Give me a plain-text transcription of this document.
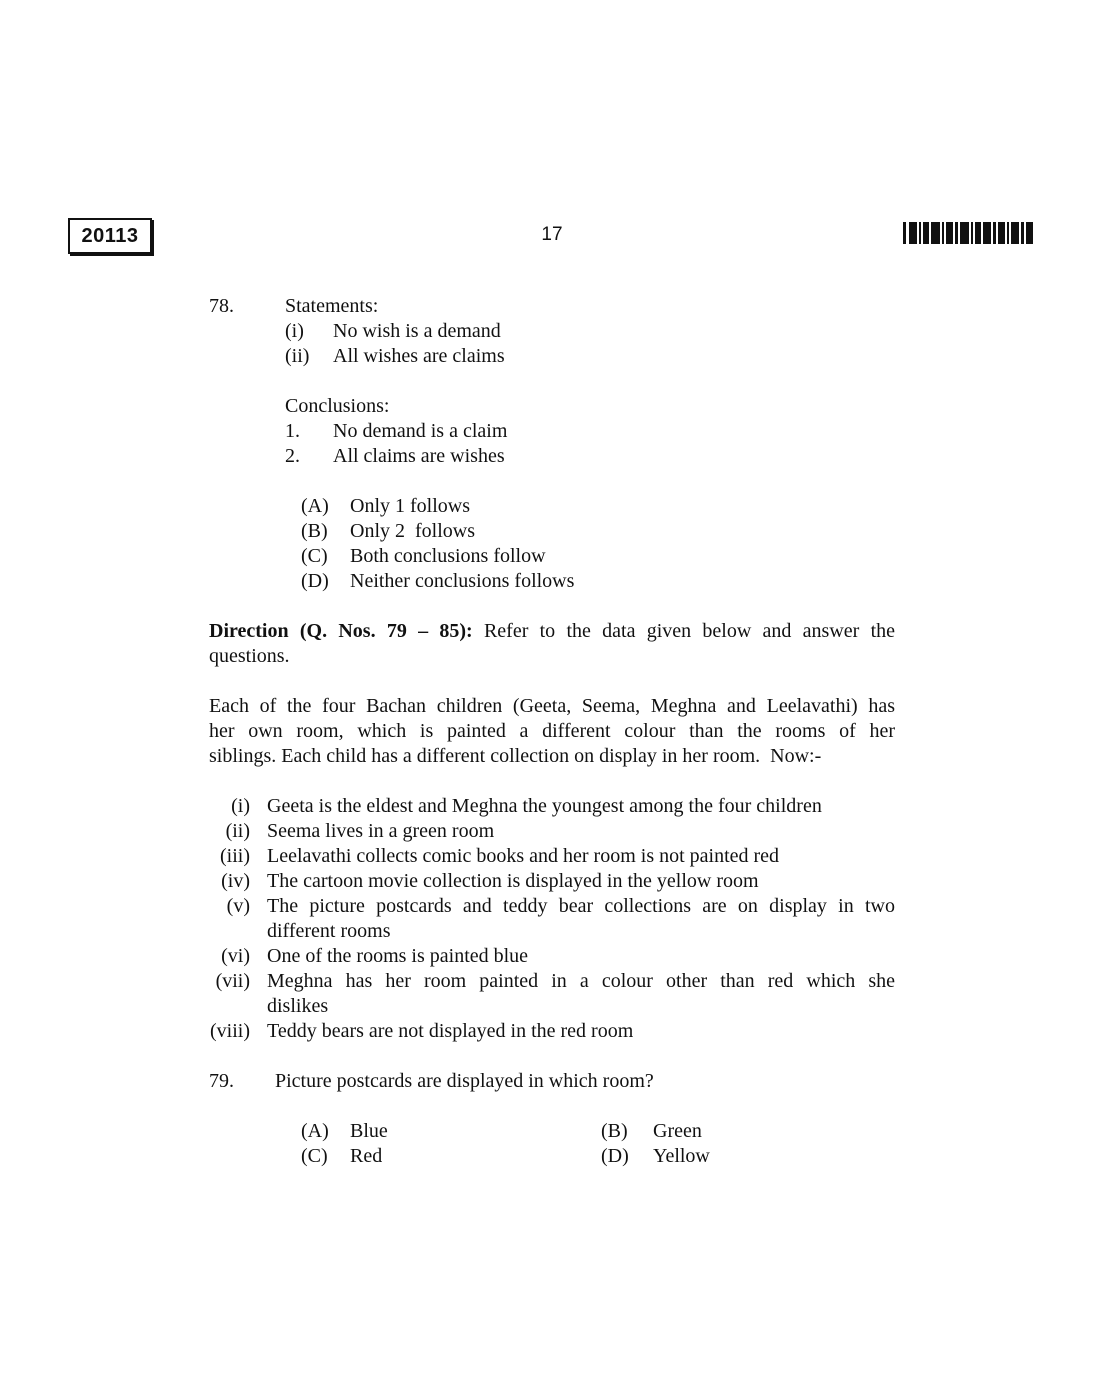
20113	17
78.	Statements:
(i) No wish is a demand
(ii) All wishes are claims
Conclusions:
1. No demand is a claim
2. All claims are wishes
(A) Only 1 follows
(B) Only 2  follows
(C) Both conclusions follow
(D) Neither conclusions follows
Direction (Q. Nos. 79 – 85): Refer to the data given below and answer the
questions.
Each of the four Bachan children (Geeta, Seema, Meghna and Leelavathi) has
her own room, which is painted a different colour than the rooms of her
siblings. Each child has a different collection on display in her room.  Now:-
(i) Geeta is the eldest and Meghna the youngest among the four children
(ii) Seema lives in a green room
(iii) Leelavathi collects comic books and her room is not painted red
(iv) The cartoon movie collection is displayed in the yellow room
(v) The picture postcards and teddy bear collections are on display in two
different rooms
(vi) One of the rooms is painted blue
(vii) Meghna has her room painted in a colour other than red which she
dislikes
(viii) Teddy bears are not displayed in the red room
79. Picture postcards are displayed in which room?
(A) Blue	(B) Green
(C) Red	(D) Yellow
